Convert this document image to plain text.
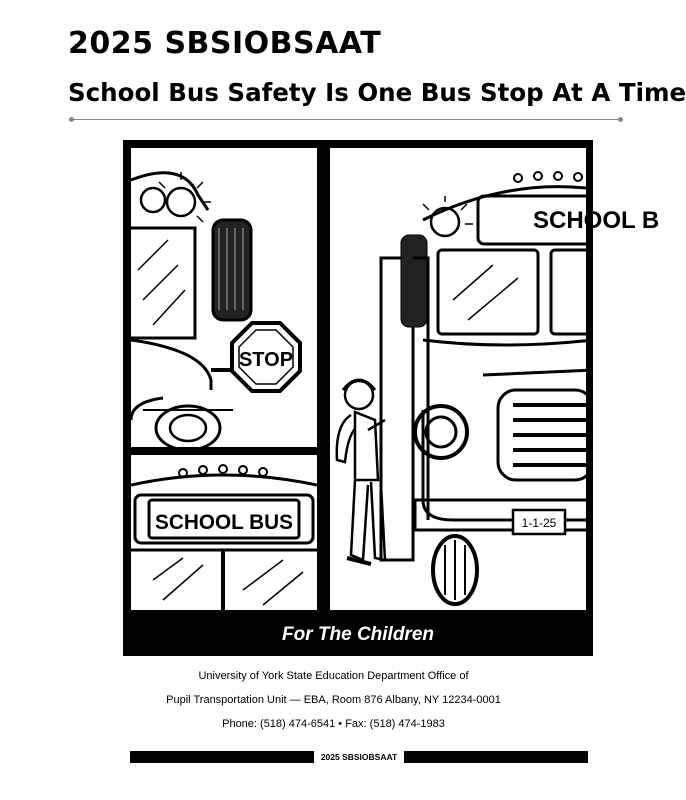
2025 SBSIOBSAAT
School Bus Safety Is One Bus Stop At A Time
STOP
SCHOOL BUS
SCHOOL B
1-1-25
For The Children
University of York State Education Department Office of
Pupil Transportation Unit — EBA, Room 876 Albany, NY 12234-0001
Phone: (518) 474-6541 • Fax: (518) 474-1983
2025 SBSIOBSAAT
